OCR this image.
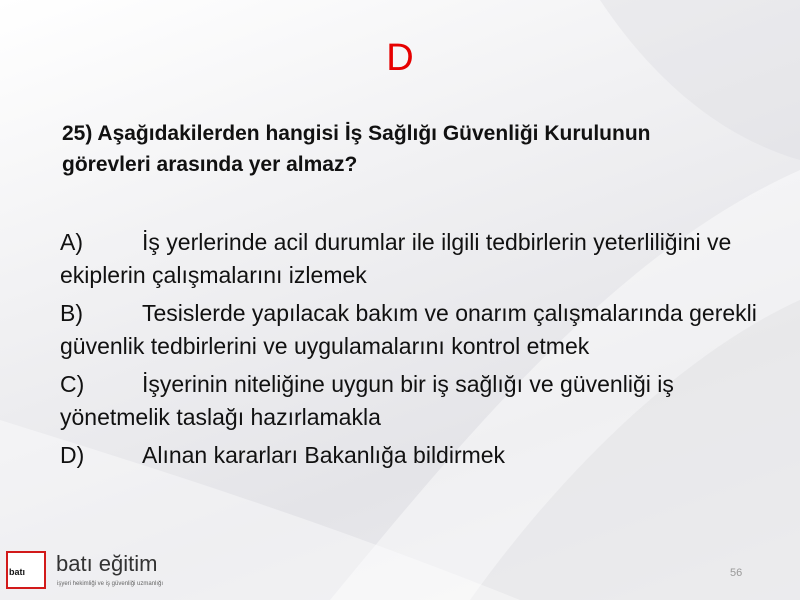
D
25) Aşağıdakilerden hangisi İş Sağlığı Güvenliği Kurulunun görevleri arasında yer almaz?
A)	İş yerlerinde acil durumlar ile ilgili tedbirlerin yeterliliğini ve ekiplerin çalışmalarını izlemek
B)	Tesislerde yapılacak bakım ve onarım çalışmalarında gerekli güvenlik tedbirlerini ve uygulamalarını kontrol etmek
C)	İşyerinin niteliğine uygun bir iş sağlığı ve güvenliği iş yönetmelik taslağı hazırlamakla
D)	Alınan kararları Bakanlığa bildirmek
batı batı eğitim
işyeri hekimliği ve iş güvenliği uzmanlığı
56
